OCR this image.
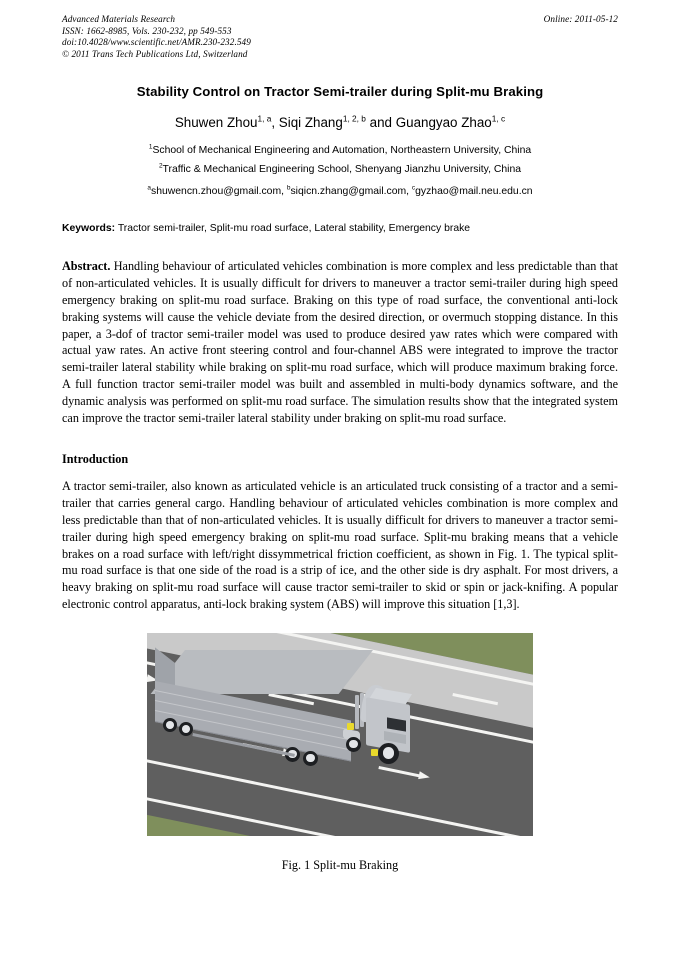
Online: 2011-05-12
Advanced Materials Research
ISSN: 1662-8985, Vols. 230-232, pp 549-553
doi:10.4028/www.scientific.net/AMR.230-232.549
© 2011 Trans Tech Publications Ltd, Switzerland
Stability Control on Tractor Semi-trailer during Split-mu Braking
Shuwen Zhou$^{1, a}$, Siqi Zhang$^{1, 2, b}$ and Guangyao Zhao$^{1, c}$
$^1$School of Mechanical Engineering and Automation, Northeastern University, China
$^2$Traffic & Mechanical Engineering School, Shenyang Jianzhu University, China
$^a$shuwencn.zhou@gmail.com, $^b$siqicn.zhang@gmail.com, $^c$gyzhao@mail.neu.edu.cn
Keywords: Tractor semi-trailer, Split-mu road surface, Lateral stability, Emergency brake
Abstract. Handling behaviour of articulated vehicles combination is more complex and less predictable than that of non-articulated vehicles. It is usually difficult for drivers to maneuver a tractor semi-trailer during high speed emergency braking on split-mu road surface. Braking on this type of road surface, the conventional anti-lock braking systems will cause the vehicle deviate from the desired direction, or overmuch stopping distance. In this paper, a 3-dof of tractor semi-trailer model was used to produce desired yaw rates which were compared with actual yaw rates. An active front steering control and four-channel ABS were integrated to improve the tractor semi-trailer lateral stability while braking on split-mu road surface, which will produce maximum braking force. A full function tractor semi-trailer model was built and assembled in multi-body dynamics software, and the dynamic analysis was performed on split-mu road surface. The simulation results show that the integrated system can improve the tractor semi-trailer lateral stability under braking on split-mu road surface.
Introduction
A tractor semi-trailer, also known as articulated vehicle is an articulated truck consisting of a tractor and a semi-trailer that carries general cargo. Handling behaviour of articulated vehicles combination is more complex and less predictable than that of non-articulated vehicles. It is usually difficult for drivers to maneuver a tractor semi-trailer during high speed emergency braking on split-mu road surface. Split-mu braking means that a vehicle brakes on a road surface with left/right dissymmetrical friction coefficient, as shown in Fig. 1. The typical split-mu road surface is that one side of the road is a strip of ice, and the other side is dry asphalt. For most drivers, a heavy braking on split-mu road surface will cause tractor semi-trailer to skid or spin or jack-knifing. A popular electronic control apparatus, anti-lock braking system (ABS) will improve this situation [1,3].
Fig. 1 Split-mu Braking
